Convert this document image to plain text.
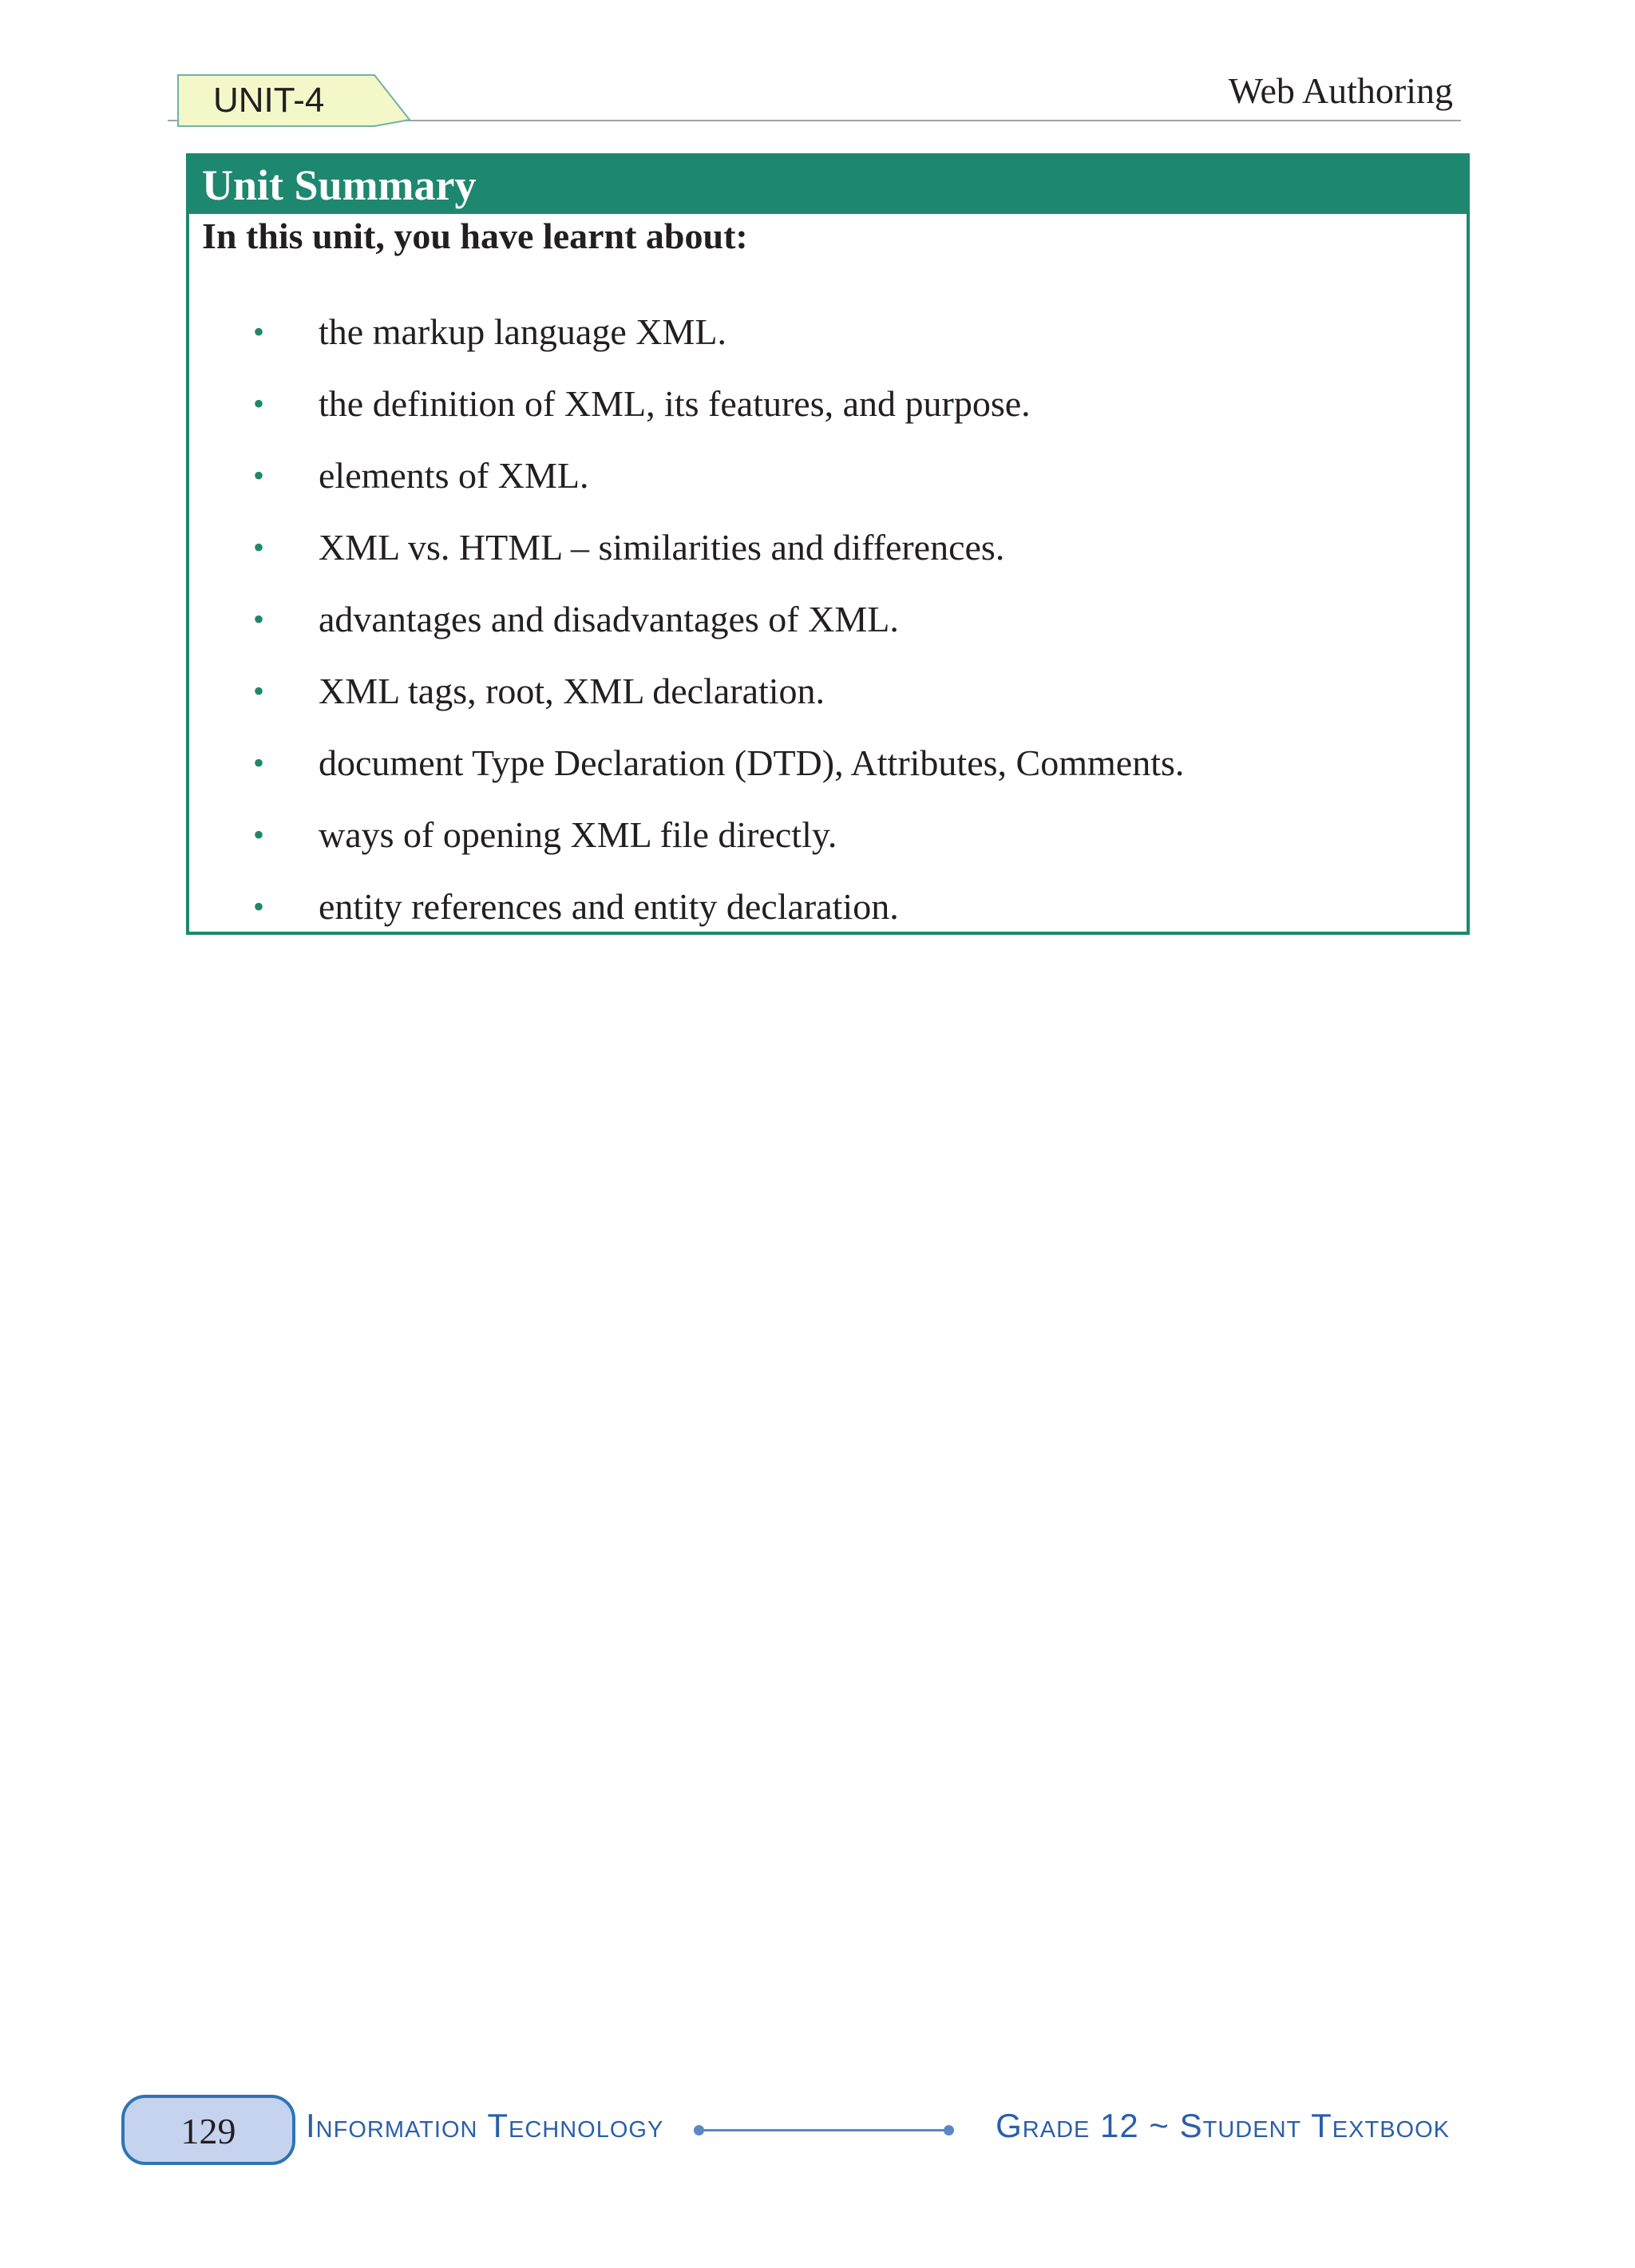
UNIT-4	Web Authoring
Unit Summary
In this unit, you have learnt about:
• the markup language XML.
• the definition of XML, its features, and purpose.
• elements of XML.
• XML vs. HTML – similarities and differences.
• advantages and disadvantages of XML.
• XML tags, root, XML declaration.
• document Type Declaration (DTD), Attributes, Comments.
• ways of opening XML file directly.
• entity references and entity declaration.
129	Information Technology	Grade 12 ~ Student Textbook
